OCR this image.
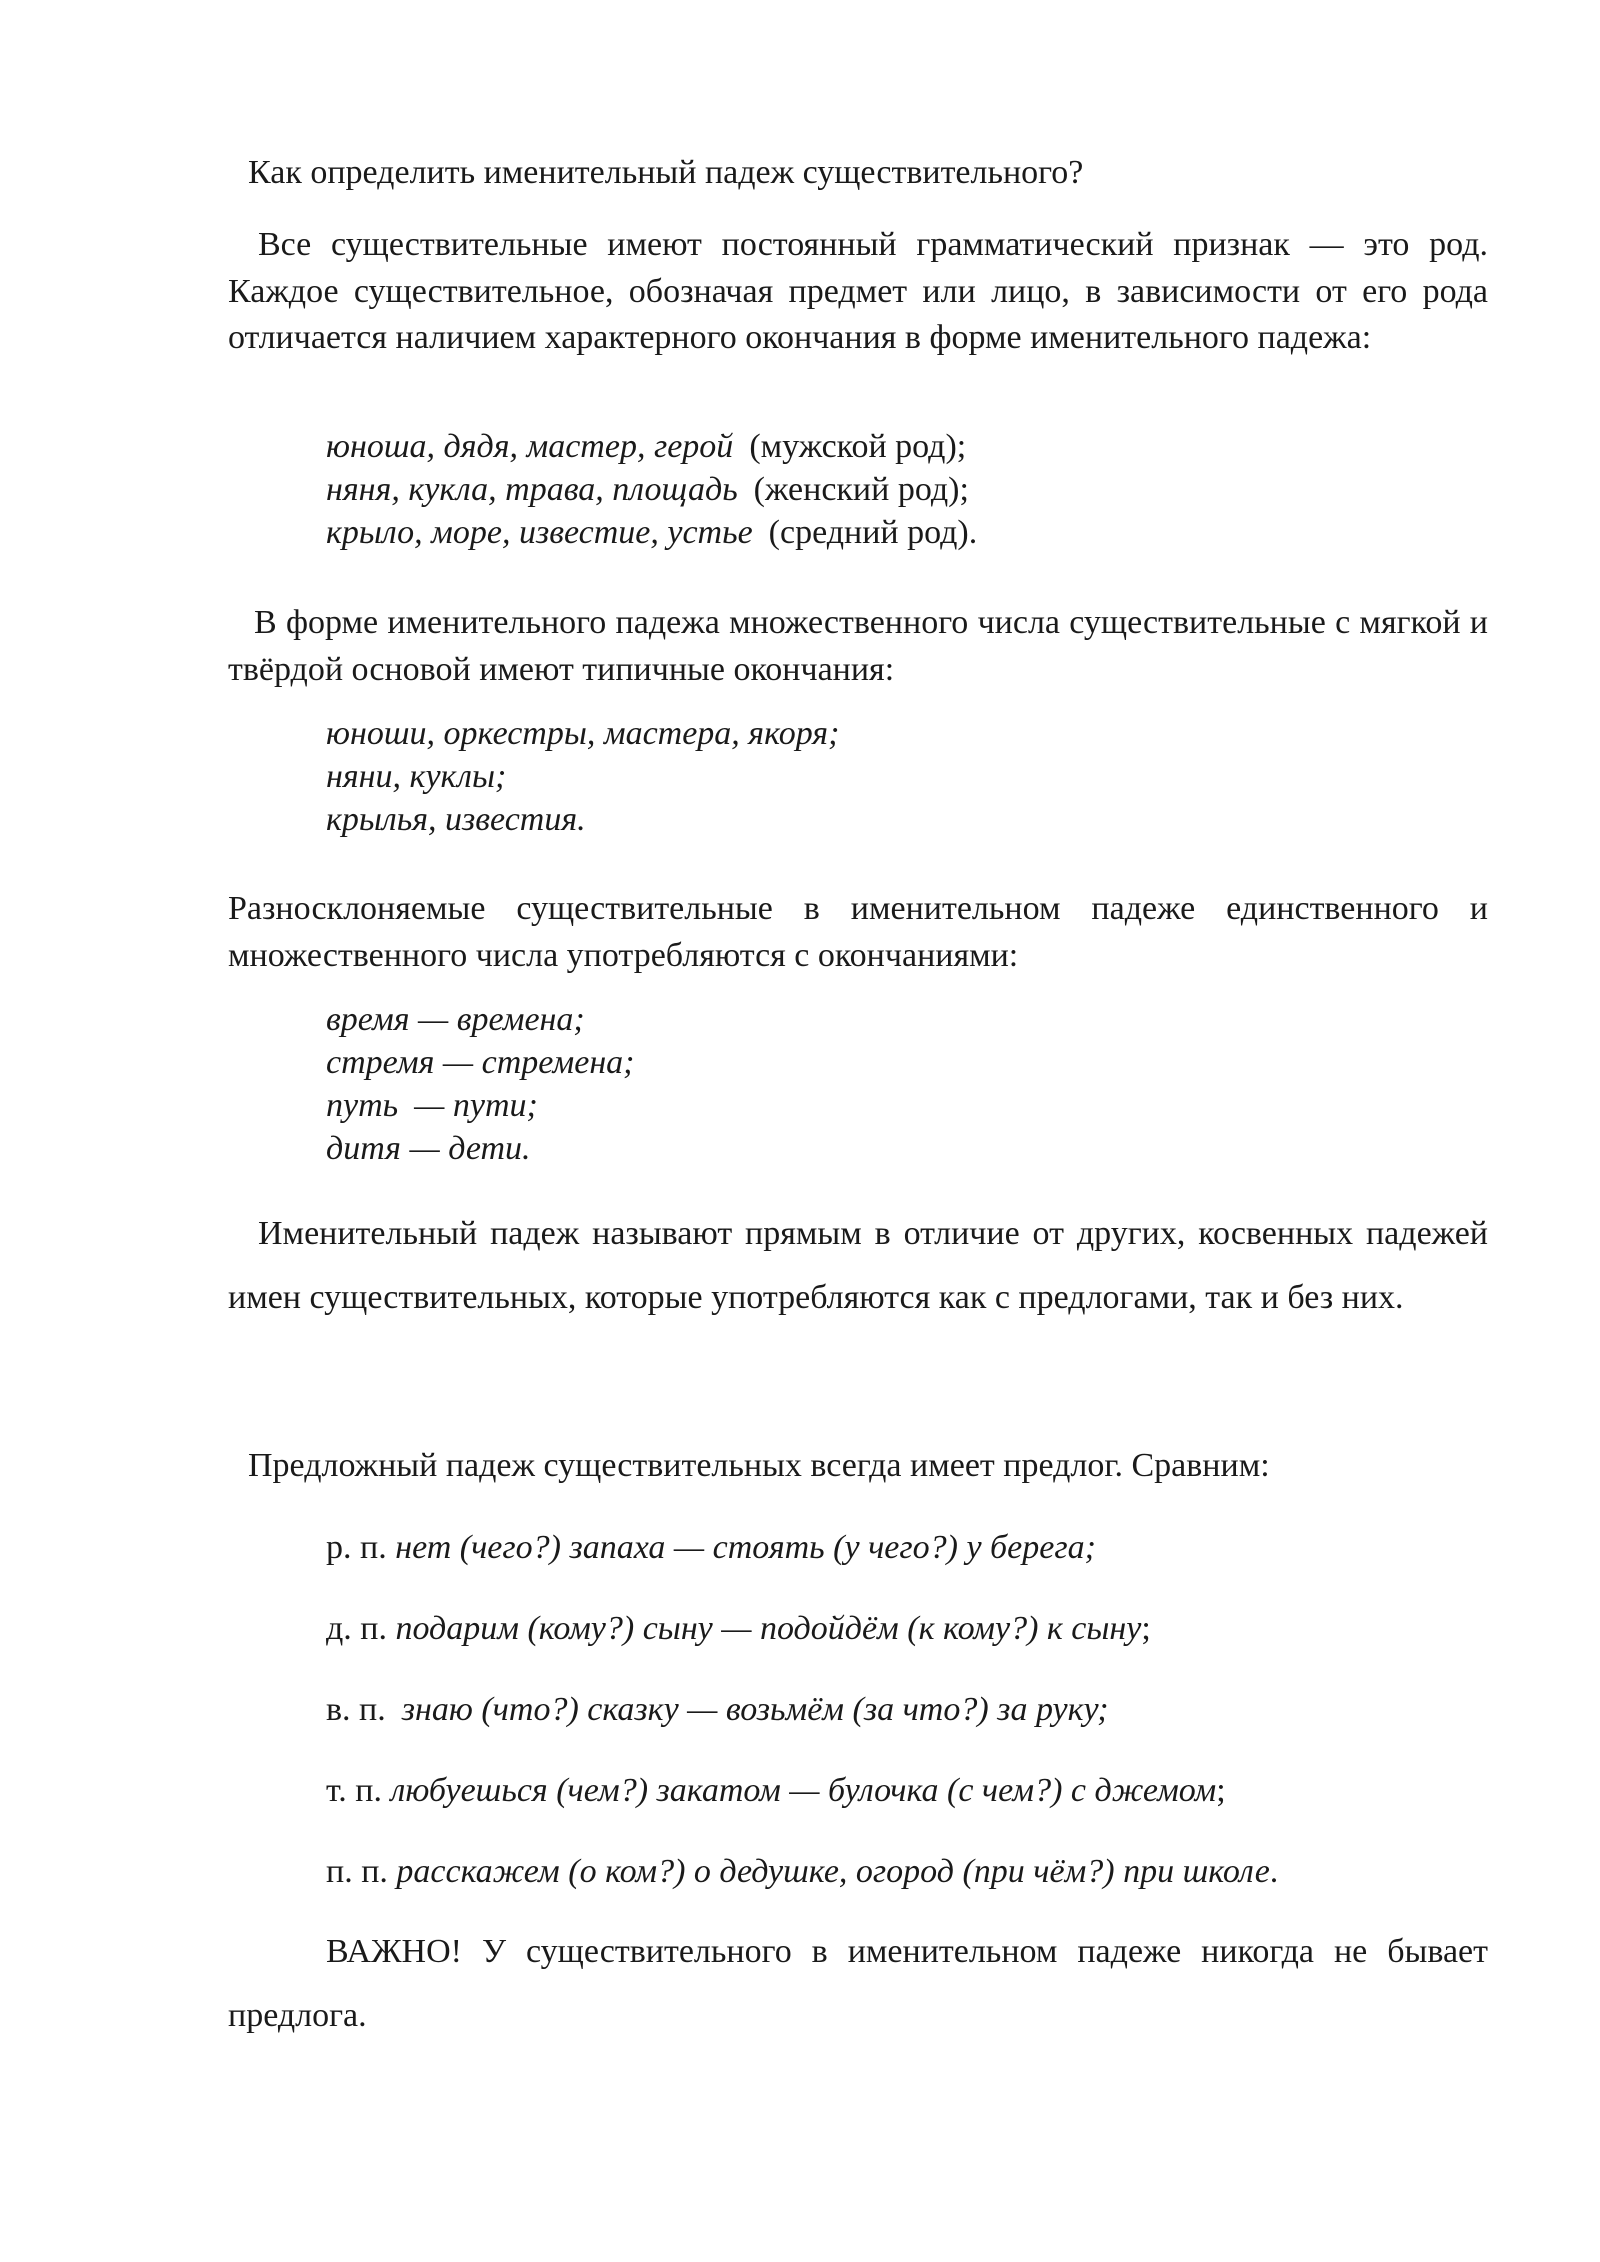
Как определить именительный падеж существительного?

Все существительные имеют постоянный грамматический признак — это род. Каждое существительное, обозначая предмет или лицо, в зависимости от его рода отличается наличием характерного окончания в форме именительного падежа:

юноша, дядя, мастер, герой (мужской род);
няня, кукла, трава, площадь (женский род);
крыло, море, известие, устье (средний род).

В форме именительного падежа множественного числа существительные с мягкой и твёрдой основой имеют типичные окончания:

юноши, оркестры, мастера, якоря;
няни, куклы;
крылья, известия.

Разносклоняемые существительные в именительном падеже единственного и множественного числа употребляются с окончаниями:

время — времена;
стремя — стремена;
путь — пути;
дитя — дети.

Именительный падеж называют прямым в отличие от других, косвенных падежей имен существительных, которые употребляются как с предлогами, так и без них.

Предложный падеж существительных всегда имеет предлог. Сравним:

р. п. нет (чего?) запаха — стоять (у чего?) у берега;

д. п. подарим (кому?) сыну — подойдём (к кому?) к сыну;

в. п. знаю (что?) сказку — возьмём (за что?) за руку;

т. п. любуешься (чем?) закатом — булочка (с чем?) с джемом;

п. п. расскажем (о ком?) о дедушке, огород (при чём?) при школе.

ВАЖНО! У существительного в именительном падеже никогда не бывает предлога.
